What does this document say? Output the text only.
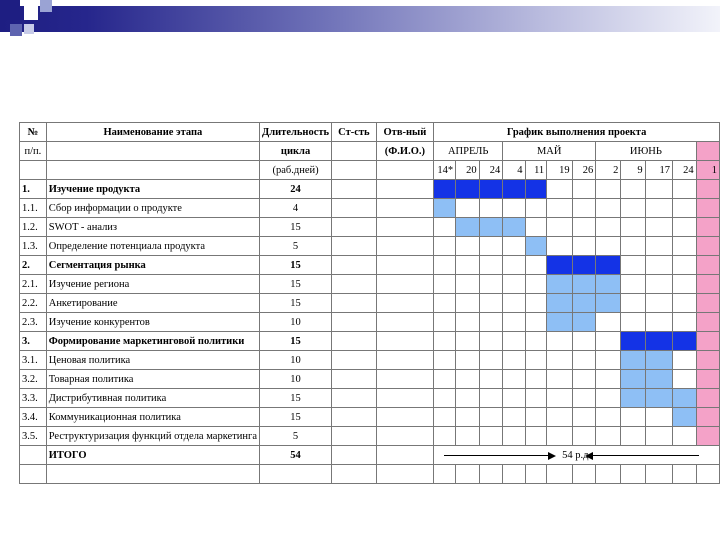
№	Наименование этапа	Длительность	Ст-сть	Отв-ный	График выполнения проекта											
п/п.		цикла		(Ф.И.О.)	АПРЕЛЬ			МАЙ				ИЮНЬ				
		(раб.дней)			14*	20	24	4	11	19	26	2	9	17	24	1
1.	Изучение продукта	24														
1.1.	Сбор информации о продукте	4														
1.2.	SWOT - анализ	15														
1.3.	Определение потенциала продукта	5														
2.	Сегментация рынка	15														
2.1.	Изучение региона	15														
2.2.	Анкетирование	15														
2.3.	Изучение конкурентов	10														
3.	Формирование маркетинговой политики	15														
3.1.	Ценовая политика	10														
3.2.	Товарная политика	10														
3.3.	Дистрибутивная политика	15														
3.4.	Коммуникационная политика	15														
3.5.	Реструктуризация функций отдела маркетинга	5														
	ИТОГО	54			54 р.д.											
